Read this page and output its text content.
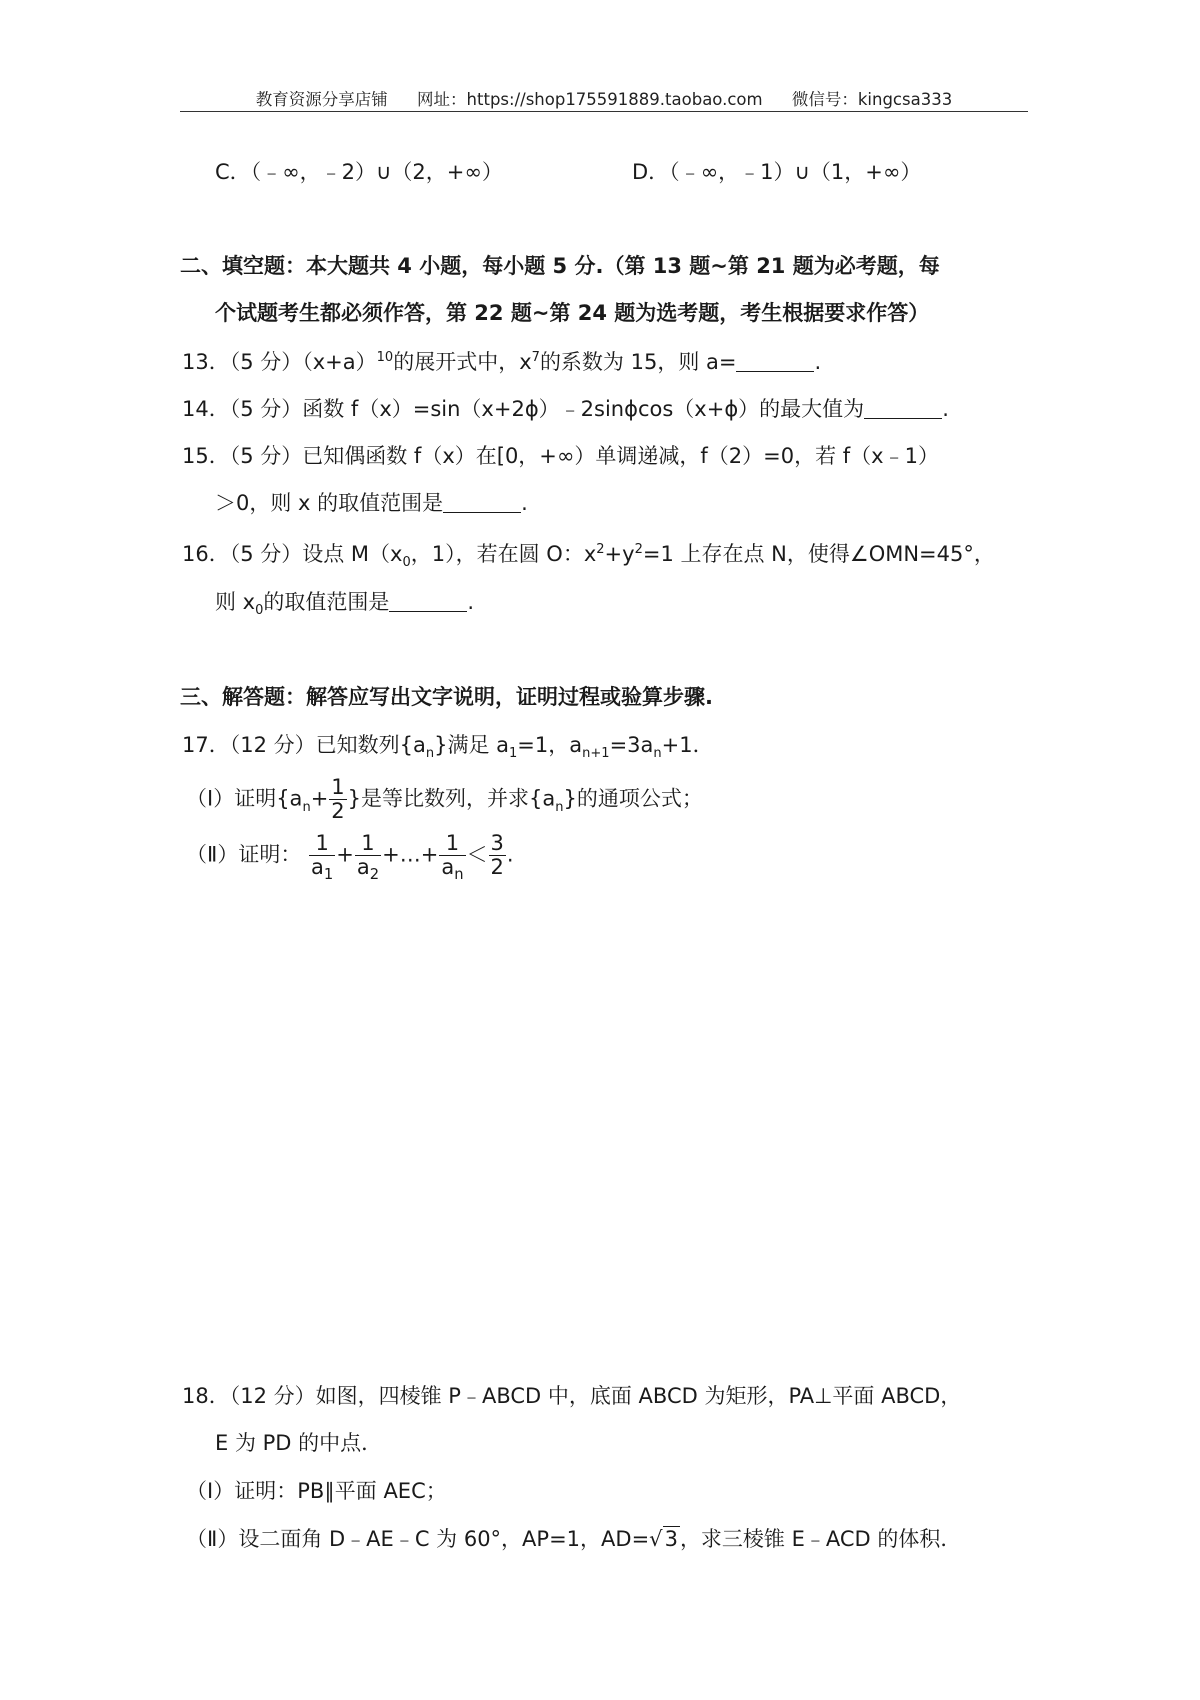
教育资源分享店铺 网址：https://shop175591889.taobao.com 微信号：kingcsa333
C．（﹣∞，﹣2）∪（2，+∞）	D．（﹣∞，﹣1）∪（1，+∞）
二、填空题：本大题共 4 小题，每小题 5 分.（第 13 题~第 21 题为必考题，每
个试题考生都必须作答，第 22 题~第 24 题为选考题，考生根据要求作答）
13．（5 分）$(x+a)^{10}$的展开式中，$x^7$的系数为 15，则 a=	.
14．（5 分）函数 f（x）=sin（x+2ϕ）﹣2sinϕcos（x+ϕ）的最大值为	.
15．（5 分）已知偶函数 f（x）在[0，+∞）单调递减，f（2）=0，若 f（x﹣1）
＞0，则 x 的取值范围是	.
16．（5 分）设点 $M(x_0$，1），若在圆 O：$x^2+y^2=1$ 上存在点 N，使得∠OMN=45°，
则 $x_0$的取值范围是	.
三、解答题：解答应写出文字说明，证明过程或验算步骤.
17．（12 分）已知数列$\{a_n\}$满足 $a_1=1$，$a_{n+1}=3a_n+1$．
（Ⅰ）证明{$a_n+ \frac{1}{2}$ }是等比数列，并求$\{a_n\}$的通项公式；
（Ⅱ）证明： $\frac{1}{a_1} + \frac{1}{a_2}$ +…+ $\frac{1}{a_n} < \frac{3}{2}$ .
18．（12 分）如图，四棱锥 P﹣ABCD 中，底面 ABCD 为矩形，PA⊥平面 ABCD，
E 为 PD 的中点．
（Ⅰ）证明：PB∥平面 AEC；
（Ⅱ）设二面角 D﹣AE﹣C 为 60°，AP=1，AD=√3，求三棱锥 E﹣ACD 的体积．
